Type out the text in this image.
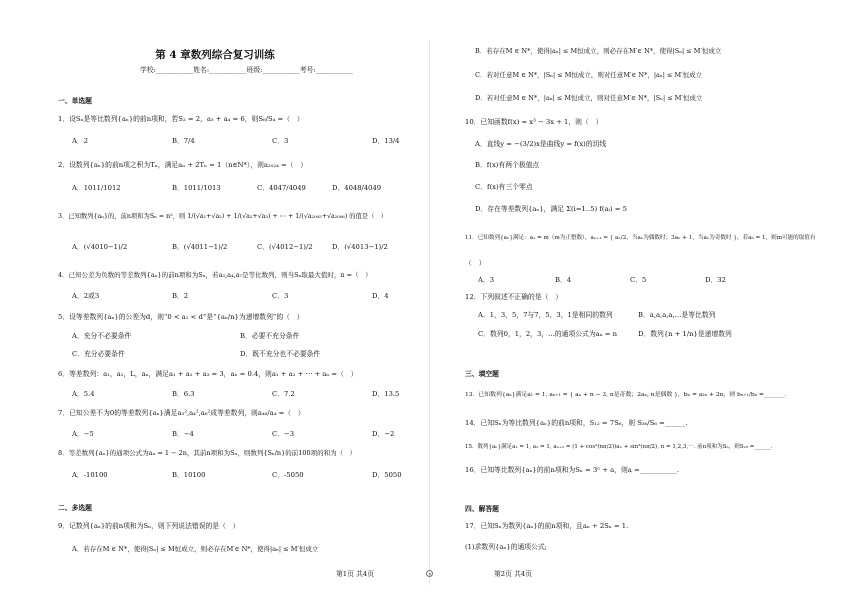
第 4 章数列综合复习训练
学校:___________姓名:___________班级:___________考号:___________
一、单选题
1．设Sₙ是等比数列{aₙ}的前n项和，若S₂ = 2，a₃ + a₄ = 6，则S₆/S₄ =（　）
A．2	B．7/4	C．3	D．13/4
2．设数列{aₙ}的前n项之积为Tₙ，满足aₙ + 2Tₙ = 1（n∈N*），则a₂₀₂₄ =（　）
A．1011/1012	B．1011/1013	C．4047/4049	D．4048/4049
3．已知数列{aₙ}的，前n项和为Sₙ = n²，则 1/(√a₁+√a₂) + 1/(√a₂+√a₃) + ⋯ + 1/(√a₂₀₀₅+√a₂₀₀₆) 的值是（　）
A．(√4010−1)/2	B．(√4011−1)/2	C．(√4012−1)/2	D．(√4013−1)/2
4．已知公差为负数的等差数列{aₙ}的前n项和为Sₙ，若a₃,a₄,a₇是等比数列，则当Sₙ取最大值时，n =（　）
A．2或3	B．2	C．3	D．4
5．设等差数列{aₙ}的公差为d，则“0 < a₁ < d”是“{aₙ/n}为递增数列”的（　）
A．充分不必要条件	B．必要不充分条件
C．充分必要条件	D．既不充分也不必要条件
6．等差数列：a₁，a₂，L，aₙ，满足a₁ + a₂ + a₃ = 3，aₙ = 0.4，则a₁ + a₂ + ⋯ + aₙ =（　）
A．5.4	B．6.3	C．7.2	D．13.5
7．已知公差不为0的等差数列{aₙ}满足a₃²,a₄²,a₆²成等差数列，则a₄₆/a₄ =（　）
A．−5	B．−4	C．−3	D．−2
8．等差数列{aₙ}的通项公式为aₙ = 1 − 2n，其前n项和为Sₙ，则数列{Sₙ/n}的前100项的和为（　）
A．-10100	B．10100	C．-5050	D．5050
二、多选题
9．记数列{aₙ}的前n项和为Sₙ，则下列说法错误的是（　）
A．若存在M ∈ N*，使得|Sₙ| ≤ M恒成立，则必存在M′∈ N*，使得|aₙ| ≤ M′恒成立
第1页 共4页
B．若存在M ∈ N*，使得|aₙ| ≤ M恒成立，则必存在M′∈ N*，使得|Sₙ| ≤ M′恒成立
C．若对任意M ∈ N*，|Sₙ| ≤ M恒成立，则对任意M′∈ N*，|aₙ| ≤ M′恒成立
D．若对任意M ∈ N*，|aₙ| ≤ M恒成立，则对任意M′∈ N*，|Sₙ| ≤ M′恒成立
10．已知函数f(x) = x³ − 3x + 1，则（　）
A．直线y = −(3/2)x是曲线y = f(x)的切线
B．f(x)有两个极值点
C．f(x)有三个零点
D．存在等差数列{aₙ}，满足 Σ(i=1..5) f(aᵢ) = 5
11．已知数列{aₙ}满足：a₁ = m（m为正整数），aₙ₊₁ = { aₙ/2，当aₙ为偶数时；3aₙ + 1，当aₙ为奇数时 }，若a₆ = 1，则m可能的取值有
（　）
A．3	B．4	C．5	D．32
12．下列叙述不正确的是（　）
A．1，3，5，7与7，5，3，1是相同的数列	B．a,a,a,a,…是等比数列
C．数列0，1，2，3，…的通项公式为aₙ = n	D．数列{n + 1/n}是递增数列
三、填空题
13．已知数列{aₙ}满足a₁ = 1, aₙ₊₁ = { aₙ + n − 3, n是奇数；2aₙ, n是偶数 }，bₙ = a₂ₙ + 2n，则 bₙ₊₁/bₙ =_______.
14．已知Sₙ为等比数列{aₙ}的前n项和，S₁₂ = 7S₆，则 S₃₆/S₆ =______.
15．数列{aₙ}满足a₁ = 1, a₂ = 1, aₙ₊₂ = (1 + cos²(nπ/2))aₙ + sin²(nπ/2), n = 1,2,3,⋯. 前n项和为Sₙ，则S₂₀ =______.
16．已知等比数列{aₙ}的前n项和为Sₙ = 3ⁿ + a，则a =___________.
四、解答题
17．已知Sₙ为数列{aₙ}的前n项和，且aₙ + 2Sₙ = 1.
(1)求数列{aₙ}的通项公式;
第2页 共4页
